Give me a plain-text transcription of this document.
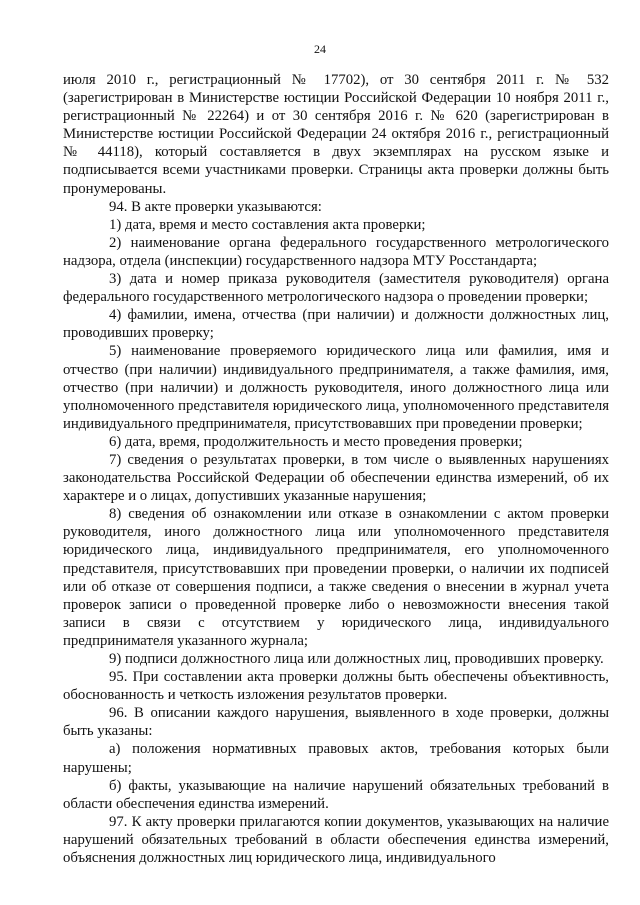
24

июля 2010 г., регистрационный № 17702), от 30 сентября 2011 г. № 532 (зарегистрирован в Министерстве юстиции Российской Федерации 10 ноября 2011 г., регистрационный № 22264) и от 30 сентября 2016 г. № 620 (зарегистрирован в Министерстве юстиции Российской Федерации 24 октября 2016 г., регистрационный № 44118), который составляется в двух экземплярах на русском языке и подписывается всеми участниками проверки. Страницы акта проверки должны быть пронумерованы.

94. В акте проверки указываются:

1) дата, время и место составления акта проверки;

2) наименование органа федерального государственного метрологического надзора, отдела (инспекции) государственного надзора МТУ Росстандарта;

3) дата и номер приказа руководителя (заместителя руководителя) органа федерального государственного метрологического надзора о проведении проверки;

4) фамилии, имена, отчества (при наличии) и должности должностных лиц, проводивших проверку;

5) наименование проверяемого юридического лица или фамилия, имя и отчество (при наличии) индивидуального предпринимателя, а также фамилия, имя, отчество (при наличии) и должность руководителя, иного должностного лица или уполномоченного представителя юридического лица, уполномоченного представителя индивидуального предпринимателя, присутствовавших при проведении проверки;

6) дата, время, продолжительность и место проведения проверки;

7) сведения о результатах проверки, в том числе о выявленных нарушениях законодательства Российской Федерации об обеспечении единства измерений, об их характере и о лицах, допустивших указанные нарушения;

8) сведения об ознакомлении или отказе в ознакомлении с актом проверки руководителя, иного должностного лица или уполномоченного представителя юридического лица, индивидуального предпринимателя, его уполномоченного представителя, присутствовавших при проведении проверки, о наличии их подписей или об отказе от совершения подписи, а также сведения о внесении в журнал учета проверок записи о проведенной проверке либо о невозможности внесения такой записи в связи с отсутствием у юридического лица, индивидуального предпринимателя указанного журнала;

9) подписи должностного лица или должностных лиц, проводивших проверку.

95. При составлении акта проверки должны быть обеспечены объективность, обоснованность и четкость изложения результатов проверки.

96. В описании каждого нарушения, выявленного в ходе проверки, должны быть указаны:

а) положения нормативных правовых актов, требования которых были нарушены;

б) факты, указывающие на наличие нарушений обязательных требований в области обеспечения единства измерений.

97. К акту проверки прилагаются копии документов, указывающих на наличие нарушений обязательных требований в области обеспечения единства измерений, объяснения должностных лиц юридического лица, индивидуального
